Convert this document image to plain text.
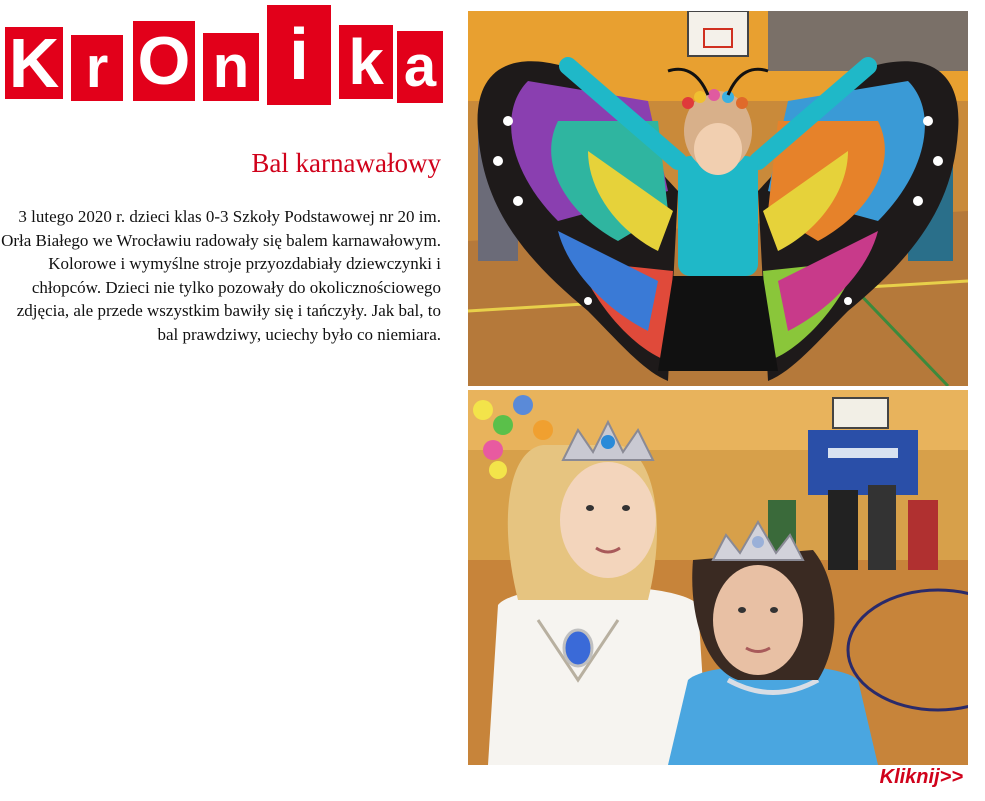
K r O n i k a
Bal karnawałowy

3 lutego 2020 r. dzieci klas 0-3 Szkoły Podstawowej nr 20 im. Orła Białego we Wrocławiu radowały się balem karnawałowym. Kolorowe i wymyślne stroje przyozdabiały dziewczynki i chłopców. Dzieci nie tylko pozowały do okolicznościowego zdjęcia, ale przede wszystkim bawiły się i tańczyły. Jak bal, to bal prawdziwy, uciechy było co niemiara.

Kliknij>>
